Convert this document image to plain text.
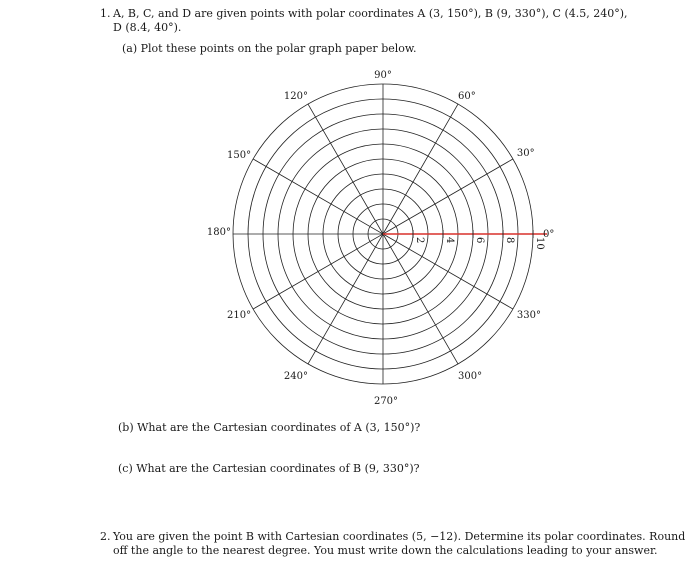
1. A, B, C, and D are given points with polar coordinates A (3, 150°), B (9, 330°), C (4.5, 240°),
D (8.4, 40°).
(a) Plot these points on the polar graph paper below.
2 4 6 8 10
0°
30°
60°
90°
120°
150°
180°
210°
240°
270°
300°
330°
(b) What are the Cartesian coordinates of A (3, 150°)?
(c) What are the Cartesian coordinates of B (9, 330°)?
2. You are given the point B with Cartesian coordinates (5, −12). Determine its polar coordinates. Round
off the angle to the nearest degree. You must write down the calculations leading to your answer.
